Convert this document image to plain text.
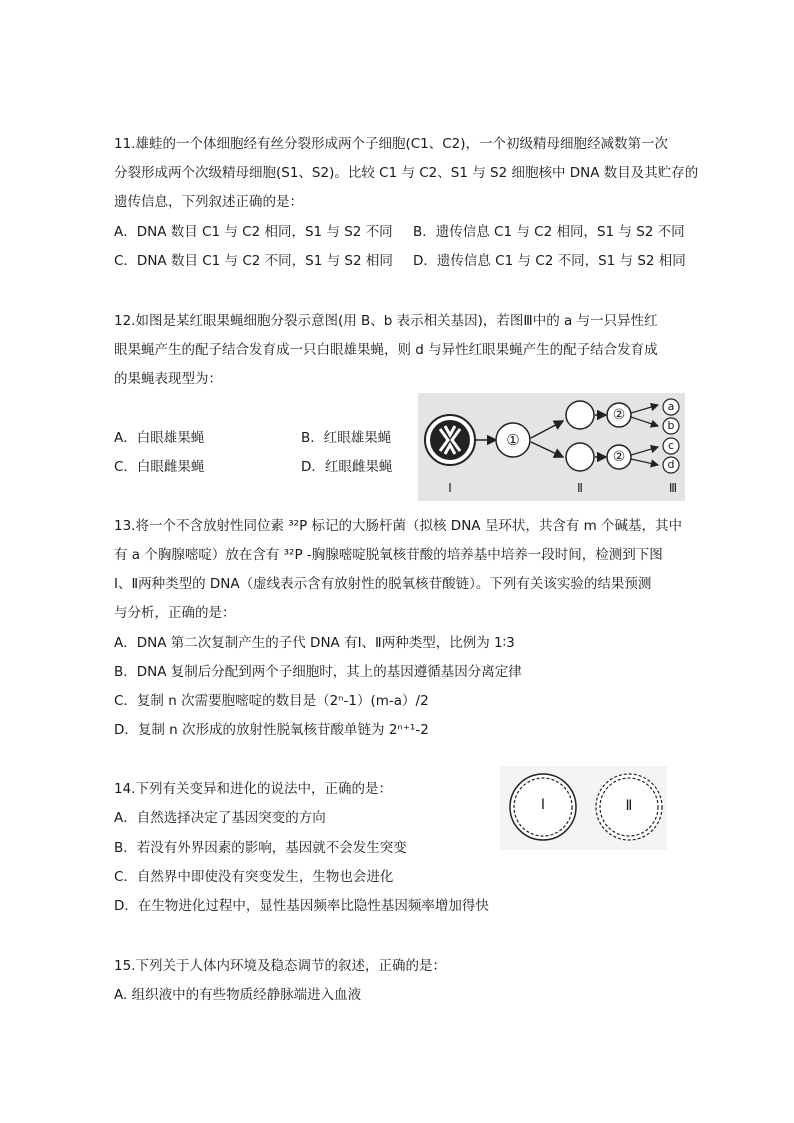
11.雄蛙的一个体细胞经有丝分裂形成两个子细胞(C1、C2)，一个初级精母细胞经减数第一次
分裂形成两个次级精母细胞(S1、S2)。比较 C1 与 C2、S1 与 S2 细胞核中 DNA 数目及其贮存的
遗传信息，下列叙述正确的是：
A．DNA 数目 C1 与 C2 相同，S1 与 S2 不同 B．遗传信息 C1 与 C2 相同，S1 与 S2 不同
C．DNA 数目 C1 与 C2 不同，S1 与 S2 相同 D．遗传信息 C1 与 C2 不同，S1 与 S2 相同
12.如图是某红眼果蝇细胞分裂示意图(用 B、b 表示相关基因)，若图Ⅲ中的 a 与一只异性红
眼果蝇产生的配子结合发育成一只白眼雄果蝇，则 d 与异性红眼果蝇产生的配子结合发育成
的果蝇表现型为：
A．白眼雄果蝇	B．红眼雄果蝇
C．白眼雌果蝇	D．红眼雌果蝇
①
②
②
a
b
c
d
Ⅰ	Ⅱ	Ⅲ
13.将一个不含放射性同位素 ³²P 标记的大肠杆菌（拟核 DNA 呈环状，共含有 m 个碱基，其中
有 a 个胸腺嘧啶）放在含有 ³²P -胸腺嘧啶脱氧核苷酸的培养基中培养一段时间，检测到下图
Ⅰ、Ⅱ两种类型的 DNA（虚线表示含有放射性的脱氧核苷酸链）。下列有关该实验的结果预测
与分析，正确的是：
A．DNA 第二次复制产生的子代 DNA 有Ⅰ、Ⅱ两种类型，比例为 1∶3
B．DNA 复制后分配到两个子细胞时，其上的基因遵循基因分离定律
C．复制 n 次需要胞嘧啶的数目是（2ⁿ-1）(m-a）/2
D．复制 n 次形成的放射性脱氧核苷酸单链为 2ⁿ⁺¹-2
Ⅰ	Ⅱ
14.下列有关变异和进化的说法中，正确的是：
A．自然选择决定了基因突变的方向
B．若没有外界因素的影响，基因就不会发生突变
C．自然界中即使没有突变发生，生物也会进化
D．在生物进化过程中，显性基因频率比隐性基因频率增加得快
15.下列关于人体内环境及稳态调节的叙述，正确的是：
A. 组织液中的有些物质经静脉端进入血液
